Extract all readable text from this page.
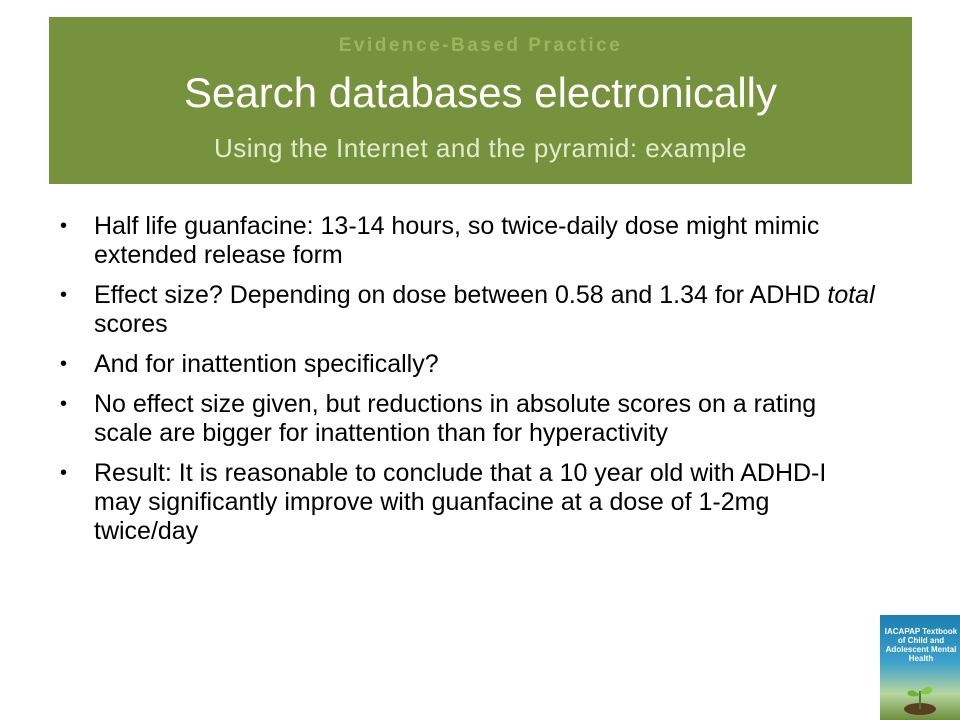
Evidence-Based Practice
Search databases electronically
Using the Internet and the pyramid: example
• Half life guanfacine: 13-14 hours, so twice-daily dose might mimic extended release form
• Effect size? Depending on dose between 0.58 and 1.34 for ADHD total scores
• And for inattention specifically?
• No effect size given, but reductions in absolute scores on a rating scale are bigger for inattention than for hyperactivity
• Result: It is reasonable to conclude that a 10 year old with ADHD-I may significantly improve with guanfacine at a dose of 1-2mg twice/day
IACAPAP Textbook of Child and Adolescent Mental Health
